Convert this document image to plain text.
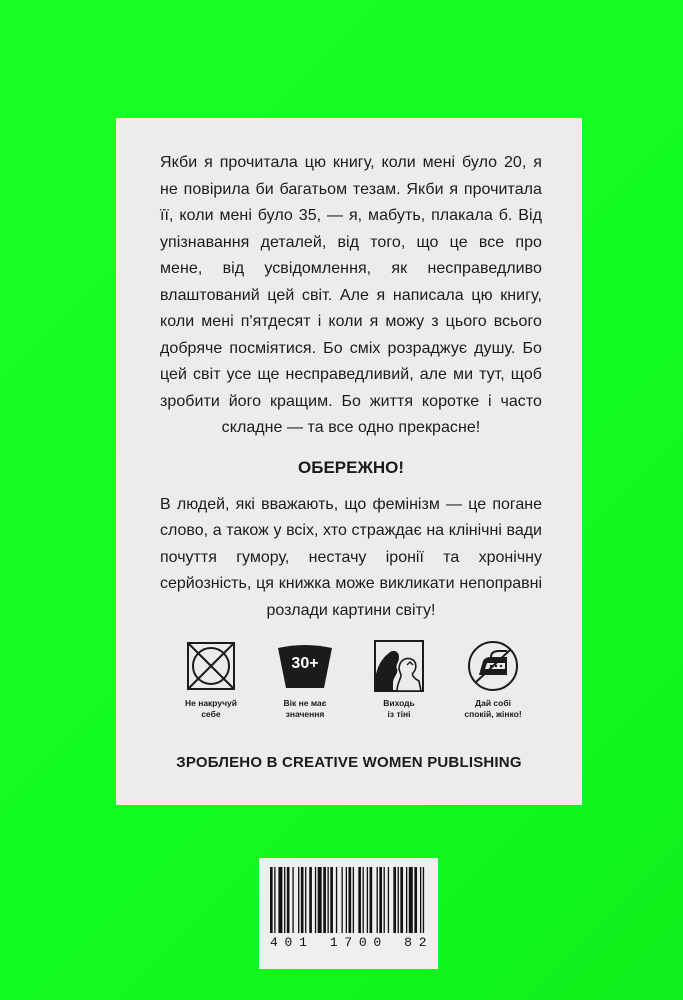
Якби я прочитала цю книгу, коли мені було 20, я не повірила би багатьом тезам. Якби я прочитала її, коли мені було 35, — я, мабуть, плакала б. Від упізнавання деталей, від того, що це все про мене, від усвідомлення, як несправедливо влаштований цей світ. Але я написала цю книгу, коли мені п'ятдесят і коли я можу з цього всього добряче посміятися. Бо сміх розраджує душу. Бо цей світ усе ще несправедливий, але ми тут, щоб зробити його кращим. Бо життя коротке і часто складне — та все одно прекрасне!

ОБЕРЕЖНО!

В людей, які вважають, що фемінізм — це погане слово, а також у всіх, хто страждає на клінічні вади почуття гумору, нестачу іронії та хронічну серйозність, ця книжка може викликати непоправні розлади картини світу!

Не накручуй
себе
30+
Вік не має
значення
Виходь
із тіні
Дай собі
спокій, жінко!
ЗРОБЛЕНО В CREATIVE WOMEN PUBLISHING
4 0 1 1 7 0 0 8 2
